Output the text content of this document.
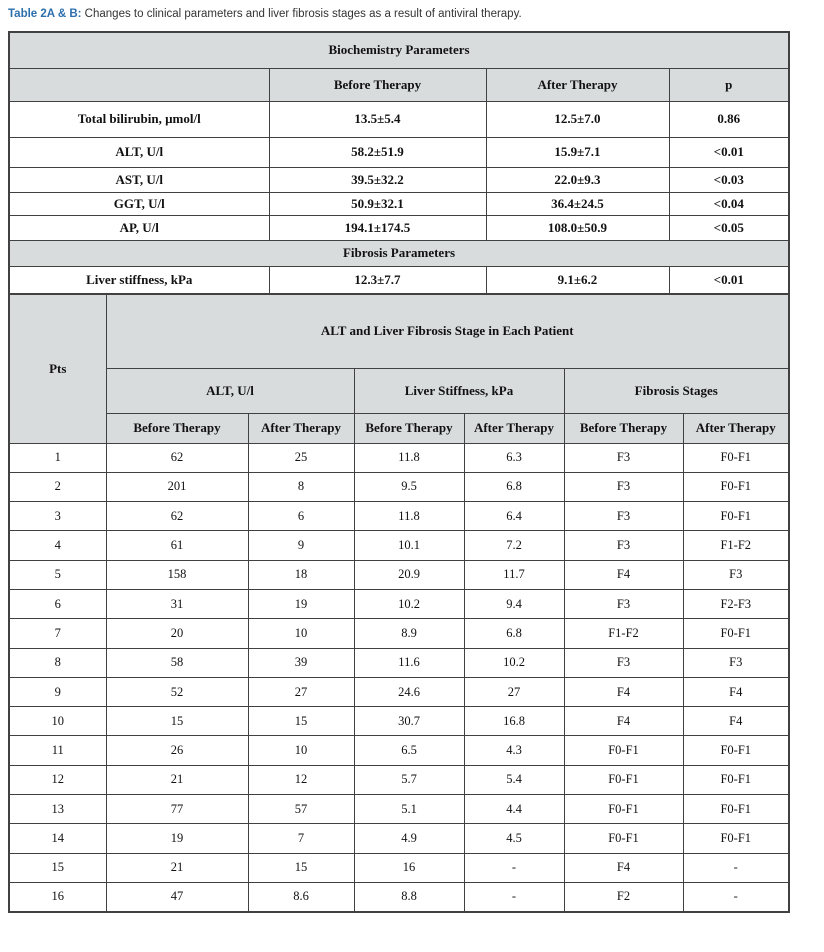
Table 2A & B: Changes to clinical parameters and liver fibrosis stages as a result of antiviral therapy.
Biochemistry Parameters			
	Before Therapy	After Therapy	p
Total bilirubin, µmol/l	13.5±5.4	12.5±7.0	0.86
ALT, U/l	58.2±51.9	15.9±7.1	<0.01
AST, U/l	39.5±32.2	22.0±9.3	<0.03
GGT, U/l	50.9±32.1	36.4±24.5	<0.04
AP, U/l	194.1±174.5	108.0±50.9	<0.05
Fibrosis Parameters			
Liver stiffness, kPa	12.3±7.7	9.1±6.2	<0.01
Pts	ALT and Liver Fibrosis Stage in Each Patient					
	ALT, U/l		Liver Stiffness, kPa		Fibrosis Stages	
	Before Therapy	After Therapy	Before Therapy	After Therapy	Before Therapy	After Therapy
1	62	25	11.8	6.3	F3	F0-F1
2	201	8	9.5	6.8	F3	F0-F1
3	62	6	11.8	6.4	F3	F0-F1
4	61	9	10.1	7.2	F3	F1-F2
5	158	18	20.9	11.7	F4	F3
6	31	19	10.2	9.4	F3	F2-F3
7	20	10	8.9	6.8	F1-F2	F0-F1
8	58	39	11.6	10.2	F3	F3
9	52	27	24.6	27	F4	F4
10	15	15	30.7	16.8	F4	F4
11	26	10	6.5	4.3	F0-F1	F0-F1
12	21	12	5.7	5.4	F0-F1	F0-F1
13	77	57	5.1	4.4	F0-F1	F0-F1
14	19	7	4.9	4.5	F0-F1	F0-F1
15	21	15	16	-	F4	-
16	47	8.6	8.8	-	F2	-
